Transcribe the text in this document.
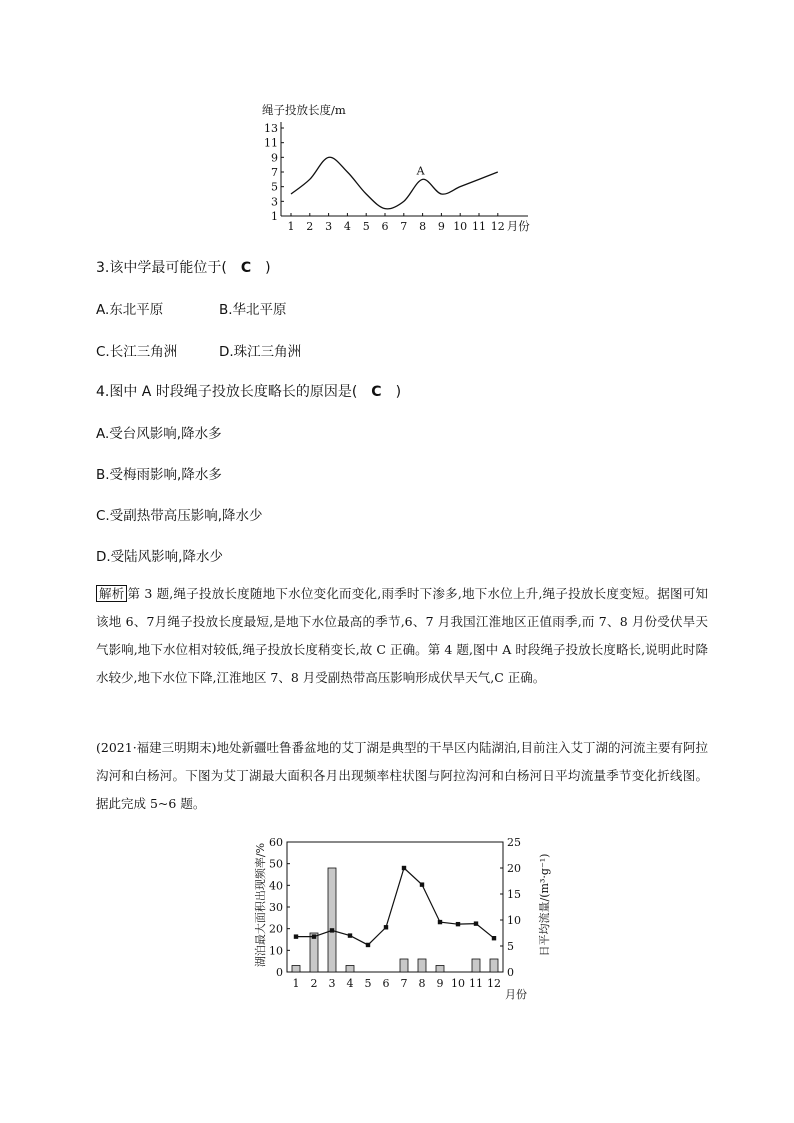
绳子投放长度/m
13
11
9
7
5
3
1
1 2 3 4 5 6 7 8 9 10 11 12
A
月份
3.该中学最可能位于( C )
A.东北平原	B.华北平原
C.长江三角洲	D.珠江三角洲
4.图中 A 时段绳子投放长度略长的原因是( C )
A.受台风影响,降水多
B.受梅雨影响,降水多
C.受副热带高压影响,降水少
D.受陆风影响,降水少
解析 第 3 题,绳子投放长度随地下水位变化而变化,雨季时下渗多,地下水位上升,绳子投放长度变短。据图可知该地 6、7月绳子投放长度最短,是地下水位最高的季节,6、7 月我国江淮地区正值雨季,而 7、8 月份受伏旱天气影响,地下水位相对较低,绳子投放长度稍变长,故 C 正确。第 4 题,图中 A 时段绳子投放长度略长,说明此时降水较少,地下水位下降,江淮地区 7、8 月受副热带高压影响形成伏旱天气,C 正确。
(2021·福建三明期末)地处新疆吐鲁番盆地的艾丁湖是典型的干旱区内陆湖泊,目前注入艾丁湖的河流主要有阿拉沟河和白杨河。下图为艾丁湖最大面积各月出现频率柱状图与阿拉沟河和白杨河日平均流量季节变化折线图。据此完成 5~6 题。
湖泊最大面积出现频率/%	日平均流量/(m³·g⁻¹)
60
50
40
30
20
10
0
25
20
15
10
5
0
1 2 3 4 5 6 7 8 9 10 11 12
月份
